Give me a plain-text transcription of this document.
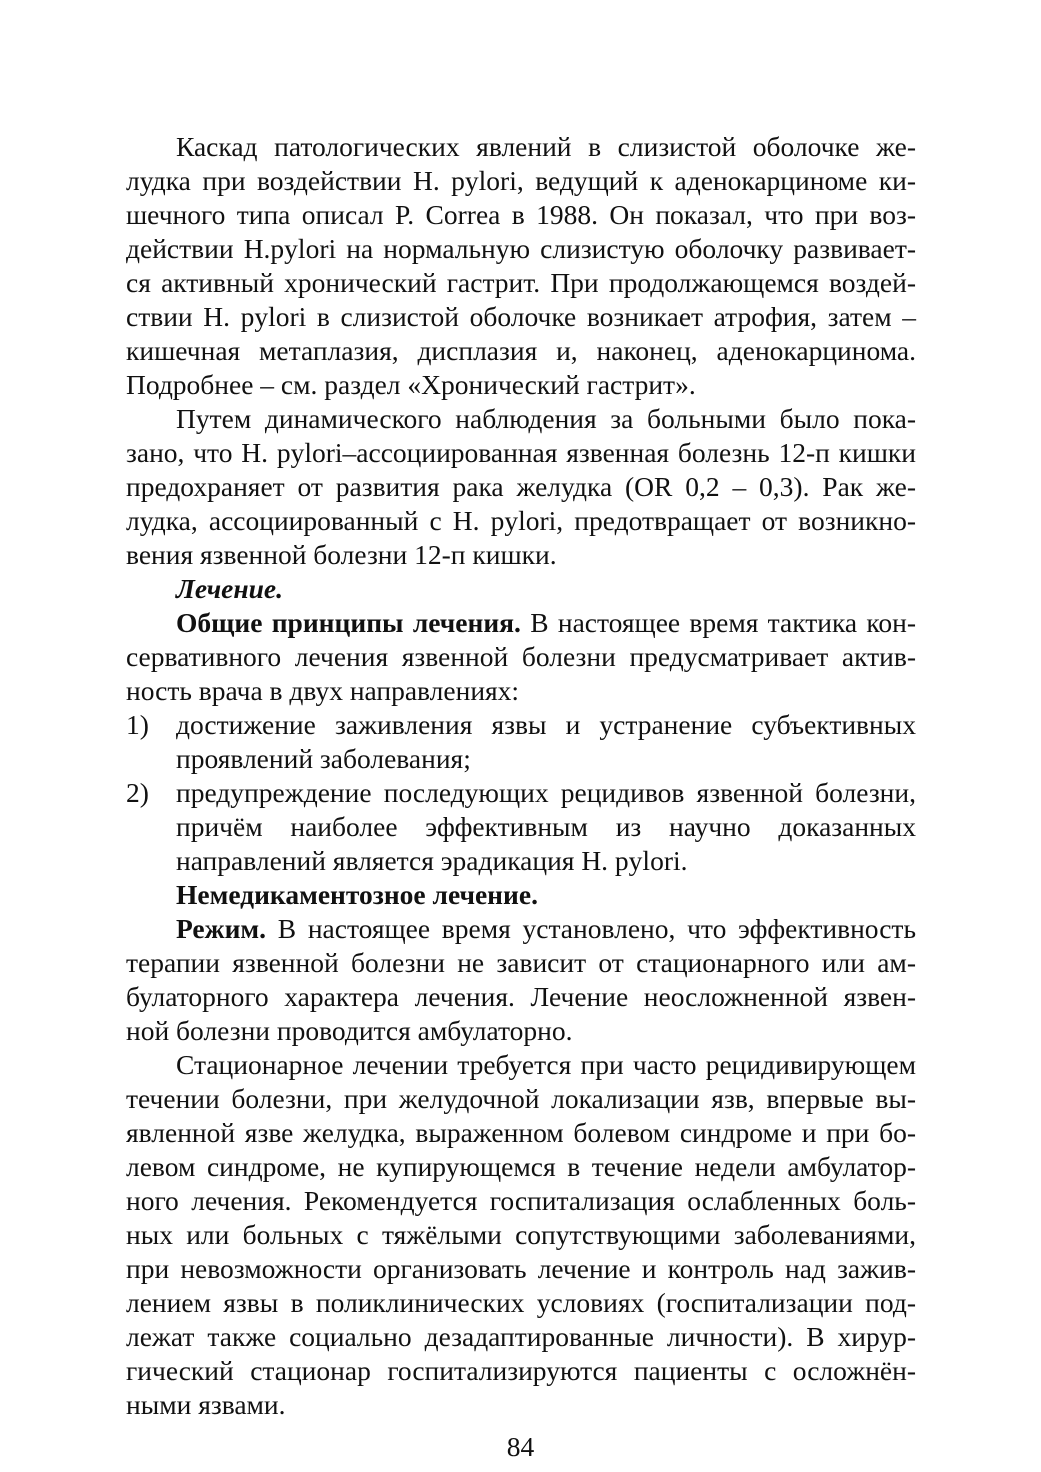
Каскад патологических явлений в слизистой оболочке же-
лудка при воздействии H. pylori, ведущий к аденокарциноме ки-
шечного типа описал P. Correa в 1988. Он показал, что при воз-
действии H.pylori на нормальную слизистую оболочку развивает-
ся активный хронический гастрит. При продолжающемся воздей-
ствии H. pylori в слизистой оболочке возникает атрофия, затем –
кишечная метаплазия, дисплазия и, наконец, аденокарцинома.
Подробнее – см. раздел «Хронический гастрит».
Путем динамического наблюдения за больными было пока-
зано, что H. pylori–ассоциированная язвенная болезнь 12-п кишки
предохраняет от развития рака желудка (OR 0,2 – 0,3). Рак же-
лудка, ассоциированный с H. pylori, предотвращает от возникно-
вения язвенной болезни 12-п кишки.
Лечение.
Общие принципы лечения. В настоящее время тактика кон-
сервативного лечения язвенной болезни предусматривает актив-
ность врача в двух направлениях:
1) достижение заживления язвы и устранение субъективных
проявлений заболевания;
2) предупреждение последующих рецидивов язвенной болезни,
причём наиболее эффективным из научно доказанных
направлений является эрадикация H. pylori.
Немедикаментозное лечение.
Режим. В настоящее время установлено, что эффективность
терапии язвенной болезни не зависит от стационарного или ам-
булаторного характера лечения. Лечение неосложненной язвен-
ной болезни проводится амбулаторно.
Стационарное лечении требуется при часто рецидивирующем
течении болезни, при желудочной локализации язв, впервые вы-
явленной язве желудка, выраженном болевом синдроме и при бо-
левом синдроме, не купирующемся в течение недели амбулатор-
ного лечения. Рекомендуется госпитализация ослабленных боль-
ных или больных с тяжёлыми сопутствующими заболеваниями,
при невозможности организовать лечение и контроль над зажив-
лением язвы в поликлинических условиях (госпитализации под-
лежат также социально дезадаптированные личности). В хирур-
гический стационар госпитализируются пациенты с осложнён-
ными язвами.
84
